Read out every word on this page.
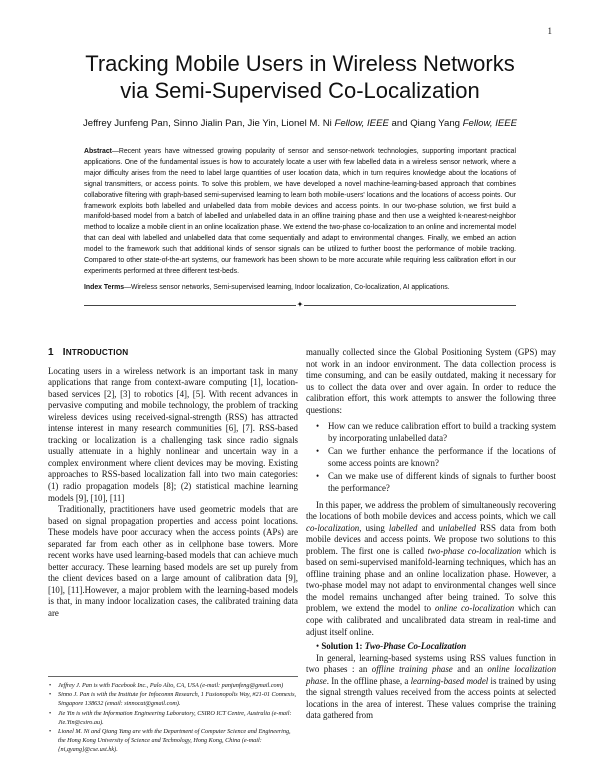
1
Tracking Mobile Users in Wireless Networks
via Semi-Supervised Co-Localization
Jeffrey Junfeng Pan, Sinno Jialin Pan, Jie Yin, Lionel M. Ni Fellow, IEEE and Qiang Yang Fellow, IEEE
Abstract—Recent years have witnessed growing popularity of sensor and sensor-network technologies, supporting important practical applications. One of the fundamental issues is how to accurately locate a user with few labelled data in a wireless sensor network, where a major difficulty arises from the need to label large quantities of user location data, which in turn requires knowledge about the locations of signal transmitters, or access points. To solve this problem, we have developed a novel machine-learning-based approach that combines collaborative filtering with graph-based semi-supervised learning to learn both mobile-users' locations and the locations of access points. Our framework exploits both labelled and unlabelled data from mobile devices and access points. In our two-phase solution, we first build a manifold-based model from a batch of labelled and unlabelled data in an offline training phase and then use a weighted k-nearest-neighbor method to localize a mobile client in an online localization phase. We extend the two-phase co-localization to an online and incremental model that can deal with labelled and unlabelled data that come sequentially and adapt to environmental changes. Finally, we embed an action model to the framework such that additional kinds of sensor signals can be utilized to further boost the performance of mobile tracking. Compared to other state-of-the-art systems, our framework has been shown to be more accurate while requiring less calibration effort in our experiments performed at three different test-beds.
Index Terms—Wireless sensor networks, Semi-supervised learning, Indoor localization, Co-localization, AI applications.
✦
1 INTRODUCTION

Locating users in a wireless network is an important task in many applications that range from context-aware computing [1], location-based services [2], [3] to robotics [4], [5]. With recent advances in pervasive computing and mobile technology, the problem of tracking wireless devices using received-signal-strength (RSS) has attracted intense interest in many research communities [6], [7]. RSS-based tracking or localization is a challenging task since radio signals usually attenuate in a highly nonlinear and uncertain way in a complex environment where client devices may be moving. Existing approaches to RSS-based localization fall into two main categories: (1) radio propagation models [8]; (2) statistical machine learning models [9], [10], [11]

Traditionally, practitioners have used geometric models that are based on signal propagation properties and access point locations. These models have poor accuracy when the access points (APs) are separated far from each other as in cellphone base towers. More recent works have used learning-based models that can achieve much better accuracy. These learning based models are set up purely from the client devices based on a large amount of calibration data [9], [10], [11].However, a major problem with the learning-based models is that, in many indoor localization cases, the calibrated training data are

• Jeffrey J. Pan is with Facebook Inc., Palo Alto, CA, USA (e-mail: panjunfeng@gmail.com)
• Sinno J. Pan is with the Institute for Infocomm Research, 1 Fusionopolis Way, #21-01 Connexis, Singapore 138632 (email: sinnocat@gmail.com).
• Jie Yin is with the Information Engineering Laboratory, CSIRO ICT Centre, Australia (e-mail: Jie.Yin@csiro.au).
• Lionel M. Ni and Qiang Yang are with the Department of Computer Science and Engineering, the Hong Kong University of Science and Technology, Hong Kong, China (e-mail: {ni,qyang}@cse.ust.hk).

manually collected since the Global Positioning System (GPS) may not work in an indoor environment. The data collection process is time consuming, and can be easily outdated, making it necessary for us to collect the data over and over again. In order to reduce the calibration effort, this work attempts to answer the following three questions:

• How can we reduce calibration effort to build a tracking system by incorporating unlabelled data?
• Can we further enhance the performance if the locations of some access points are known?
• Can we make use of different kinds of signals to further boost the performance?

In this paper, we address the problem of simultaneously recovering the locations of both mobile devices and access points, which we call co-localization, using labelled and unlabelled RSS data from both mobile devices and access points. We propose two solutions to this problem. The first one is called two-phase co-localization which is based on semi-supervised manifold-learning techniques, which has an offline training phase and an online localization phase. However, a two-phase model may not adapt to environmental changes well since the model remains unchanged after being trained. To solve this problem, we extend the model to online co-localization which can cope with calibrated and uncalibrated data stream in real-time and adjust itself online.

• Solution 1: Two-Phase Co-Localization

In general, learning-based systems using RSS values function in two phases : an offline training phase and an online localization phase. In the offline phase, a learning-based model is trained by using the signal strength values received from the access points at selected locations in the area of interest. These values comprise the training data gathered from
